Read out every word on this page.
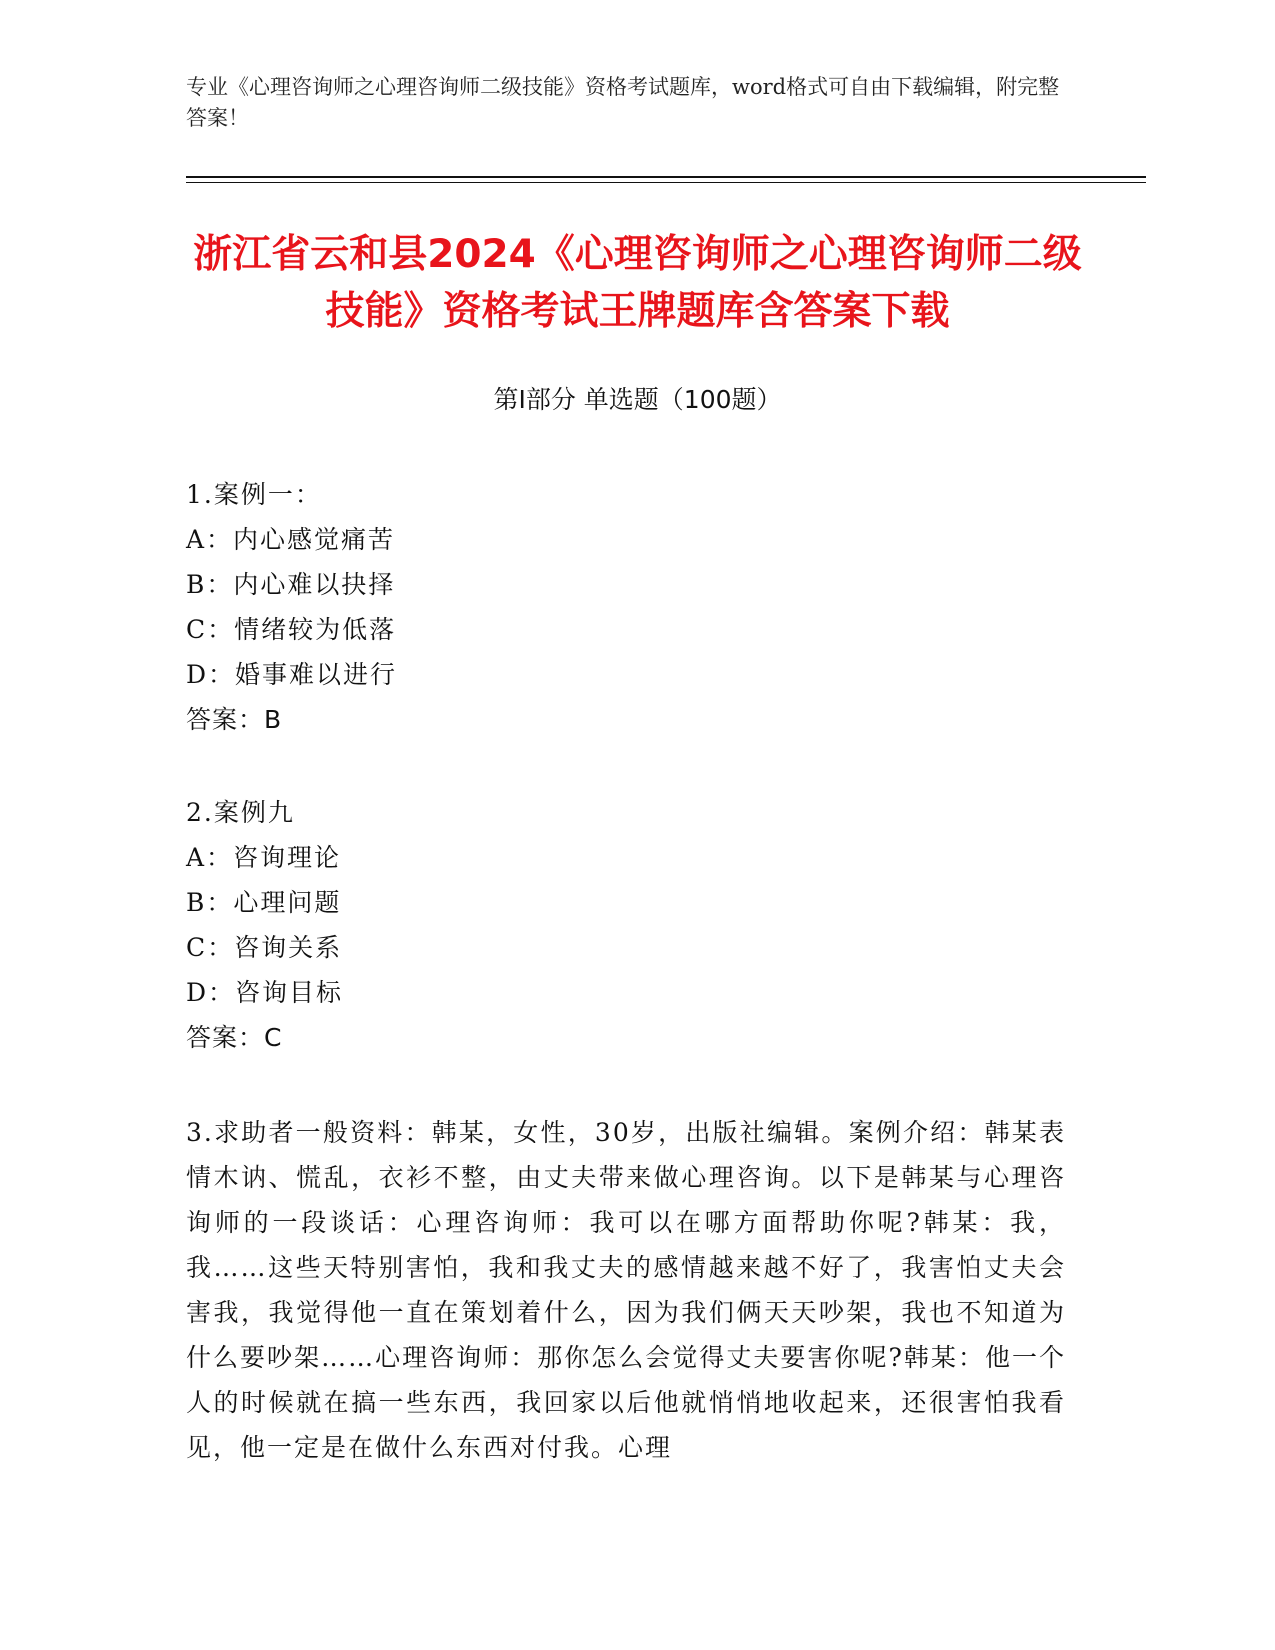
专业《心理咨询师之心理咨询师二级技能》资格考试题库，word格式可自由下载编辑，附完整答案！
浙江省云和县2024《心理咨询师之心理咨询师二级技能》资格考试王牌题库含答案下载
第Ⅰ部分 单选题（100题）
1.案例一：
A：内心感觉痛苦
B：内心难以抉择
C：情绪较为低落
D：婚事难以进行
答案：B
2.案例九
A：咨询理论
B：心理问题
C：咨询关系
D：咨询目标
答案：C
3.求助者一般资料：韩某，女性，30岁，出版社编辑。案例介绍：韩某表情木讷、慌乱，衣衫不整，由丈夫带来做心理咨询。以下是韩某与心理咨询师的一段谈话：心理咨询师：我可以在哪方面帮助你呢?韩某：我，我……这些天特别害怕，我和我丈夫的感情越来越不好了，我害怕丈夫会害我，我觉得他一直在策划着什么，因为我们俩天天吵架，我也不知道为什么要吵架……心理咨询师：那你怎么会觉得丈夫要害你呢?韩某：他一个人的时候就在搞一些东西，我回家以后他就悄悄地收起来，还很害怕我看见，他一定是在做什么东西对付我。心理
